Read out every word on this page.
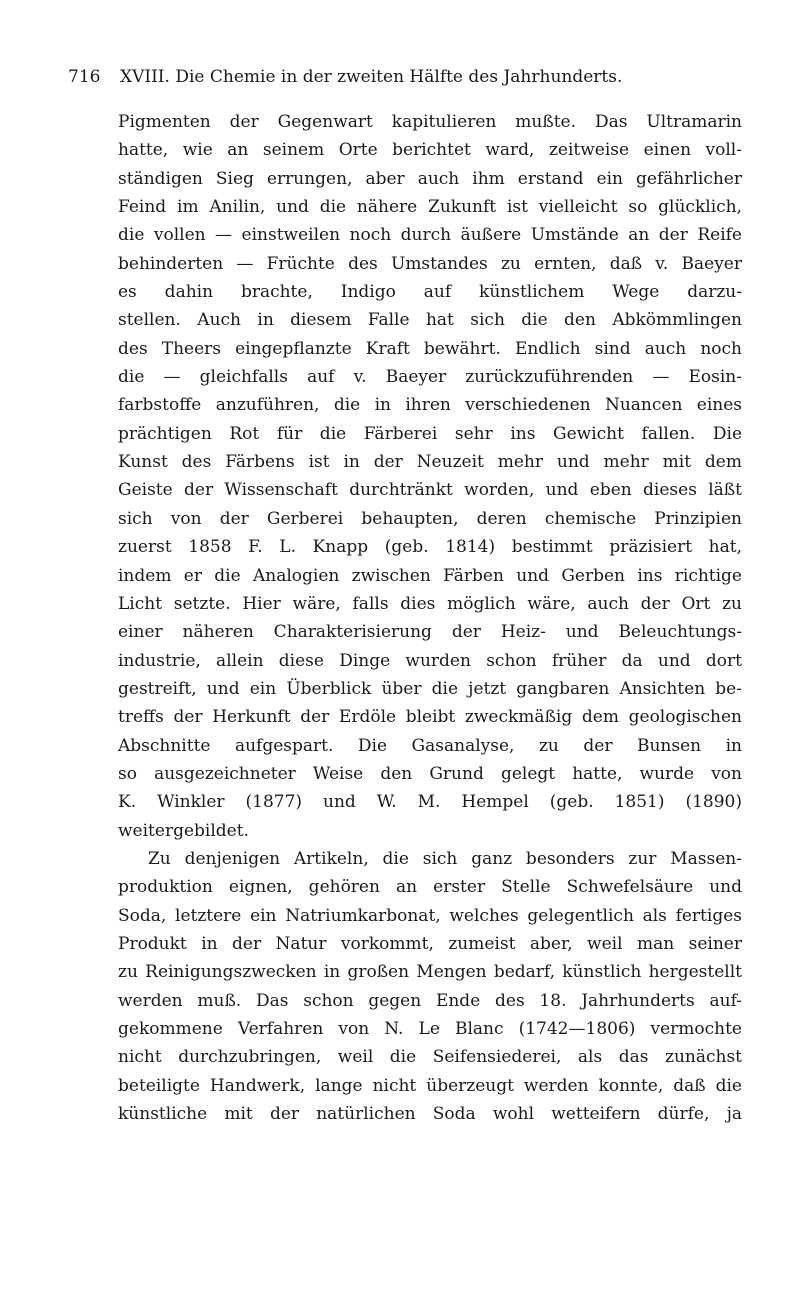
716 XVIII. Die Chemie in der zweiten Hälfte des Jahrhunderts.

Pigmenten der Gegenwart kapitulieren mußte. Das Ultramarin
hatte, wie an seinem Orte berichtet ward, zeitweise einen voll-
ständigen Sieg errungen, aber auch ihm erstand ein gefährlicher
Feind im Anilin, und die nähere Zukunft ist vielleicht so glücklich,
die vollen — einstweilen noch durch äußere Umstände an der Reife
behinderten — Früchte des Umstandes zu ernten, daß v. Baeyer
es dahin brachte, Indigo auf künstlichem Wege darzu-
stellen. Auch in diesem Falle hat sich die den Abkömmlingen
des Theers eingepflanzte Kraft bewährt. Endlich sind auch noch
die — gleichfalls auf v. Baeyer zurückzuführenden — Eosin-
farbstoffe anzuführen, die in ihren verschiedenen Nuancen eines
prächtigen Rot für die Färberei sehr ins Gewicht fallen. Die
Kunst des Färbens ist in der Neuzeit mehr und mehr mit dem
Geiste der Wissenschaft durchtränkt worden, und eben dieses läßt
sich von der Gerberei behaupten, deren chemische Prinzipien
zuerst 1858 F. L. Knapp (geb. 1814) bestimmt präzisiert hat,
indem er die Analogien zwischen Färben und Gerben ins richtige
Licht setzte. Hier wäre, falls dies möglich wäre, auch der Ort zu
einer näheren Charakterisierung der Heiz- und Beleuchtungs-
industrie, allein diese Dinge wurden schon früher da und dort
gestreift, und ein Überblick über die jetzt gangbaren Ansichten be-
treffs der Herkunft der Erdöle bleibt zweckmäßig dem geologischen
Abschnitte aufgespart. Die Gasanalyse, zu der Bunsen in
so ausgezeichneter Weise den Grund gelegt hatte, wurde von
K. Winkler (1877) und W. M. Hempel (geb. 1851) (1890)
weitergebildet.

Zu denjenigen Artikeln, die sich ganz besonders zur Massen-
produktion eignen, gehören an erster Stelle Schwefelsäure und
Soda, letztere ein Natriumkarbonat, welches gelegentlich als fertiges
Produkt in der Natur vorkommt, zumeist aber, weil man seiner
zu Reinigungszwecken in großen Mengen bedarf, künstlich hergestellt
werden muß. Das schon gegen Ende des 18. Jahrhunderts auf-
gekommene Verfahren von N. Le Blanc (1742—1806) vermochte
nicht durchzubringen, weil die Seifensiederei, als das zunächst
beteiligte Handwerk, lange nicht überzeugt werden konnte, daß die
künstliche mit der natürlichen Soda wohl wetteifern dürfe, ja
